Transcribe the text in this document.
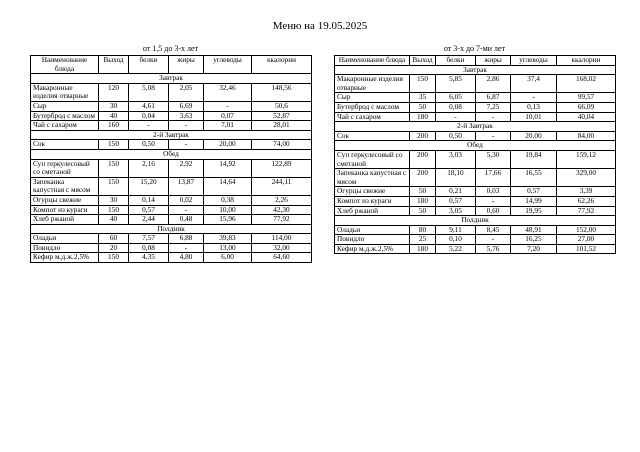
Меню на 19.05.2025
от 1,5 до 3-х лет	от 3-х до 7-ми лет
Наименование блюда	Выход	белки	жиры	углеводы	ккалории
Завтрак					
Макаронные изделия отварные	120	5,08	2,05	32,46	148,56
Сыр	30	4,61	6,69	-	50,6
Бутерброд с маслом	40	0,04	3,63	0,07	52,87
Чай с сахаром	160	-	-	7,01	28,01
2-й Завтрак					
Сок	150	0,50	-	20,00	74,00
Обед					
Суп геркулесовый со сметаной	150	2,16	2,92	14,92	122,89
Запеканка капустная с мясом	150	15,20	13,87	14,64	244,11
Огурцы свежие	30	0,14	0,02	0,38	2,26
Компот из кураги	150	0,57	-	10,00	42,30
Хлеб ржаной	40	2,44	0,48	15,96	77,92
Полдник					
Оладьи	60	7,57	6,88	39,83	114,00
Повидло	20	0,08	-	13,00	32,00
Кефир м.д.ж.2,5%	150	4,35	4,80	6,00	64,60
Наименование блюда	Выход	белки	жиры	углеводы	ккалории
Завтрак					
Макаронные изделия отварные	150	5,85	2,86	37,4	168,02
Сыр	35	6,05	6,87	-	99,57
Бутерброд с маслом	50	0,08	7,25	0,13	66,09
Чай с сахаром	180	-	-	10,01	40,04
2-й Завтрак					
Сок	200	0,50	-	20,00	84,00
Обед					
Суп геркулесовый со сметаной	200	3,03	5,30	19,84	159,12
Запеканка капустная с мясом	200	18,10	17,66	16,55	329,00
Огурцы свежие	50	0,21	0,03	0,57	3,39
Компот из кураги	180	0,57	-	14,99	62,26
Хлеб ржаной	50	3,05	0,60	19,95	77,92
Полдник					
Оладьи	80	9,11	8,45	48,91	152,00
Повидло	25	0,10	-	16,25	27,00
Кефир м.д.ж.2,5%	180	5,22	5,76	7,20	101,52
